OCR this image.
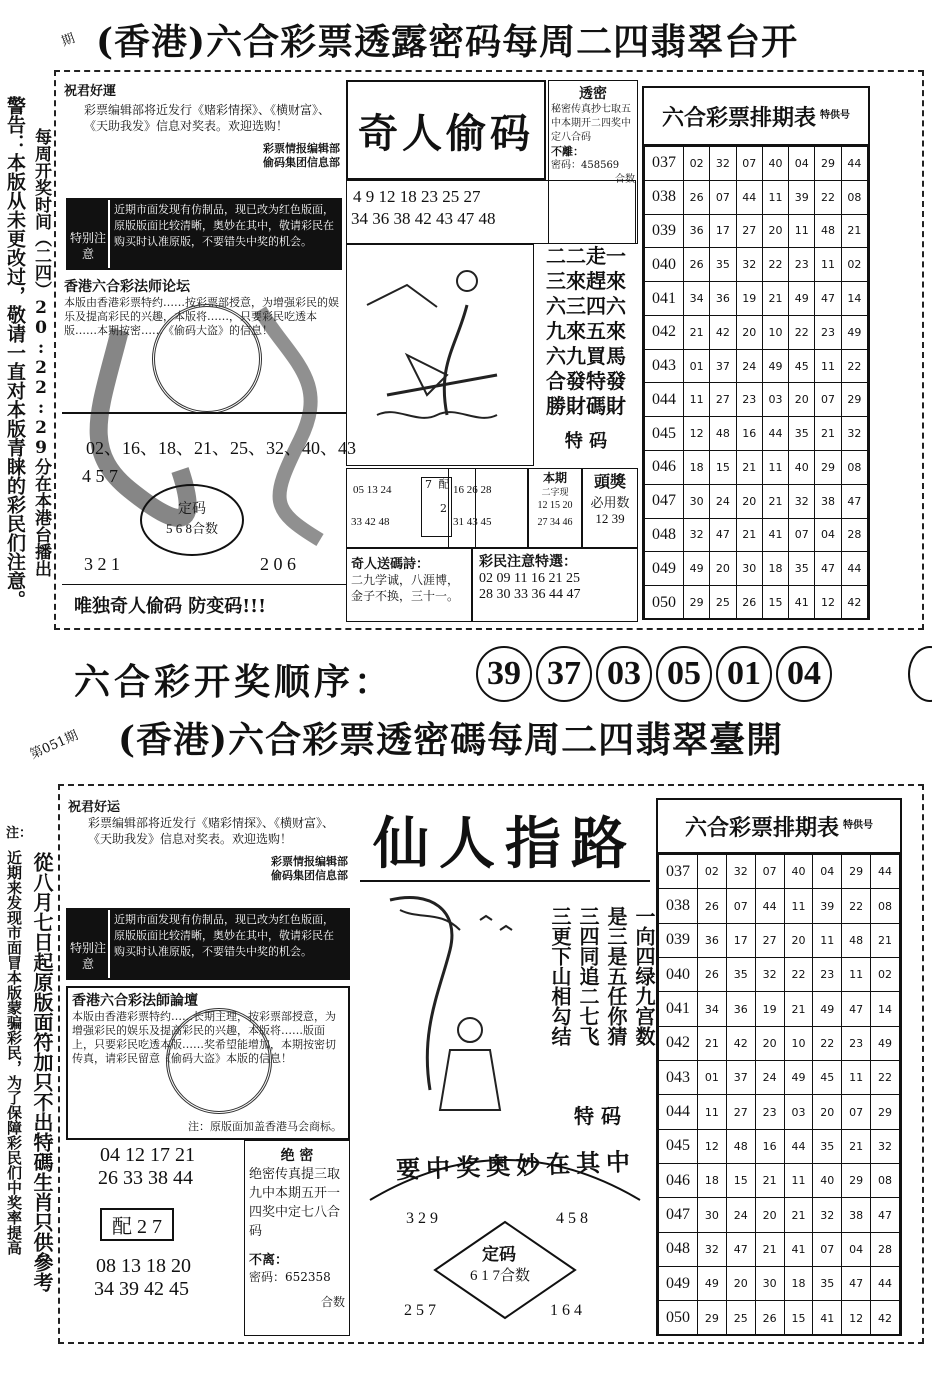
期 (香港)六合彩票透露密码每周二四翡翠台开
警告：本版从未更改过，敬请一直对本版青睐的彩民们注意。 每周开奖时间（二四）20:22:29分在本港台播出
祝君好運
彩票编辑部将近发行《赌彩情探》、《横财富》、《天助我发》信息对奖表。欢迎选购！
彩票情报编辑部
偷码集团信息部
特别注意
近期市面发现有仿制品，现已改为红色版面，原版版面比较清晰，奥妙在其中，敬请彩民在购买时认准原版，不要错失中奖的机会。
香港六合彩法师论坛
本版由香港彩票特约……按彩票部授意，为增强彩民的娱乐及提高彩民的兴趣，本版将……，只要彩民吃透本版……本期按密……《偷码大盗》的信息！
02、16、18、21、25、32、40、43
4 5 7
定码
5 6 8合数
3 2 1	2 0 6
唯独奇人偷码 防变码!!!
奇人偷码
4 9 12 18 23 25 27
34 36 38 42 43 47 48
透密
秘密传真抄七取五中本期开二四奖中定八合码
不離：
密码：458569
合数
二二走一
三來趕來
六三四六
九來五來
六九買馬
合發特發
勝財碼財
特 码
05 13 24
33 42 48
配 2 7	16 26 28
31 43 45
本期
二字现
12 15 20
27 34 46
頭獎
必用数
12 39
奇人送碼詩：
二九学诚，八涯博，金子不换，三十一。
彩民注意特選：
02 09 11 16 21 25
28 30 33 36 44 47
六合彩票排期表 特供号
037	02	32	07	40	04	29	44
038	26	07	44	11	39	22	08
039	36	17	27	20	11	48	21
040	26	35	32	22	23	11	02
041	34	36	19	21	49	47	14
042	21	42	20	10	22	23	49
043	01	37	24	49	45	11	22
044	11	27	23	03	20	07	29
045	12	48	16	44	35	21	32
046	18	15	21	11	40	29	08
047	30	24	20	21	32	38	47
048	32	47	21	41	07	04	28
049	49	20	30	18	35	47	44
050	29	25	26	15	41	12	42
六合彩开奖顺序：	39 37 03 05 01 04
第051期 (香港)六合彩票透密碼每周二四翡翠臺開
注：
近期来发现市面冒本版蒙骗彩民，为了保障彩民们中奖率提高 從八月七日起原版面符加只不出特碼生肖只供參考
祝君好运
彩票编辑部将近发行《赌彩情探》、《横财富》、《天助我发》信息对奖表。欢迎选购！
彩票情报编辑部
偷码集团信息部
特别注意
近期市面发现有仿制品，现已改为红色版面，原版版面比较清晰，奥妙在其中，敬请彩民在购买时认准原版，不要错失中奖的机会。
香港六合彩法師論壇
本版由香港彩票特约……长期主理，按彩票部授意，为增强彩民的娱乐及提高彩民的兴趣，本版将……版面上，只要彩民吃透本版……奖希望能增加，本期按密切传真，请彩民留意《偷码大盗》本版的信息！
注：原版面加盖香港马会商标。
04 12 17 21
26 33 38 44
配 2 7
08 13 18 20
34 39 42 45
绝 密
绝密传真提三取九中本期五开一四奖中定七八合码
不离：
密码：652358
合数
仙人指路
一向四绿九宫数
是三是五任你猜
三四同追二七飞
三更下山相勾结
特 码
要中奖奥妙在其中
定码
6 1 7合数
3 2 9	4 5 8
2 5 7	1 6 4
六合彩票排期表 特供号
037	02	32	07	40	04	29	44
038	26	07	44	11	39	22	08
039	36	17	27	20	11	48	21
040	26	35	32	22	23	11	02
041	34	36	19	21	49	47	14
042	21	42	20	10	22	23	49
043	01	37	24	49	45	11	22
044	11	27	23	03	20	07	29
045	12	48	16	44	35	21	32
046	18	15	21	11	40	29	08
047	30	24	20	21	32	38	47
048	32	47	21	41	07	04	28
049	49	20	30	18	35	47	44
050	29	25	26	15	41	12	42
